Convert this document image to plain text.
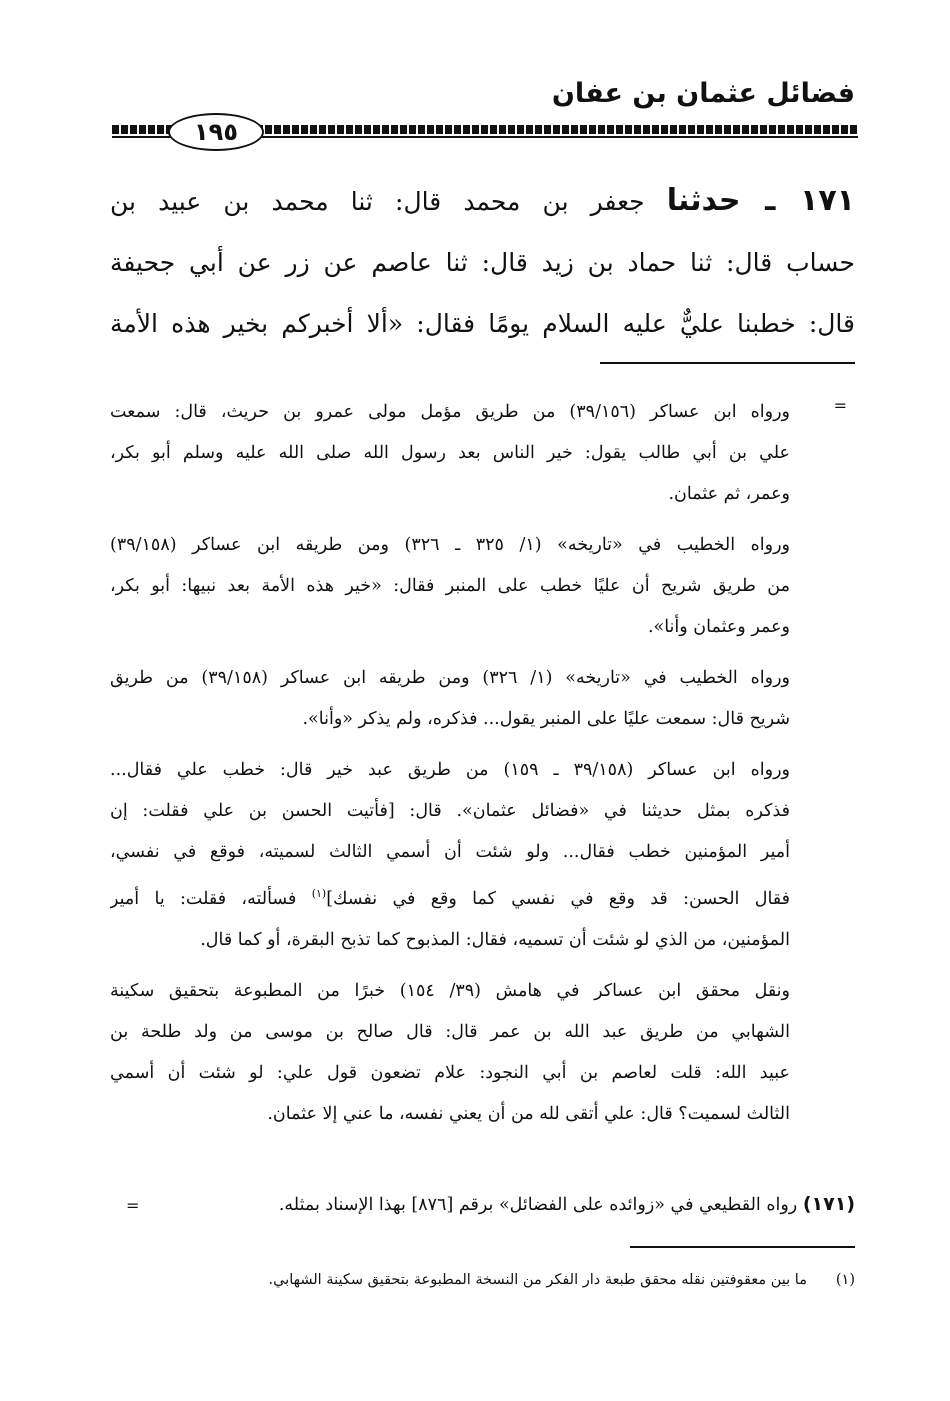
فضائل عثمان بن عفان
١٩٥
١٧١ ـ حدثنا جعفر بن محمد قال: ثنا محمد بن عبيد بن
حساب قال: ثنا حماد بن زيد قال: ثنا عاصم عن زر عن أبي جحيفة
قال: خطبنا عليٌّ عليه السلام يومًا فقال: «ألا أخبركم بخير هذه الأمة
=
ورواه ابن عساكر (٣٩/١٥٦) من طريق مؤمل مولى عمرو بن حريث، قال: سمعت
علي بن أبي طالب يقول: خير الناس بعد رسول الله صلى الله عليه وسلم أبو بكر،
وعمر، ثم عثمان.
ورواه الخطيب في «تاريخه» (١/ ٣٢٥ ـ ٣٢٦) ومن طريقه ابن عساكر (٣٩/١٥٨)
من طريق شريح أن عليًا خطب على المنبر فقال: «خير هذه الأمة بعد نبيها: أبو بكر،
وعمر وعثمان وأنا».
ورواه الخطيب في «تاريخه» (١/ ٣٢٦) ومن طريقه ابن عساكر (٣٩/١٥٨) من طريق
شريح قال: سمعت عليًا على المنبر يقول... فذكره، ولم يذكر «وأنا».
ورواه ابن عساكر (٣٩/١٥٨ ـ ١٥٩) من طريق عبد خير قال: خطب علي فقال...
فذكره بمثل حديثنا في «فضائل عثمان». قال: [فأتيت الحسن بن علي فقلت: إن
أمير المؤمنين خطب فقال... ولو شئت أن أسمي الثالث لسميته، فوقع في نفسي،
فقال الحسن: قد وقع في نفسي كما وقع في نفسك]$^{(١)}$ فسألته، فقلت: يا أمير
المؤمنين، من الذي لو شئت أن تسميه، فقال: المذبوح كما تذبح البقرة، أو كما قال.
ونقل محقق ابن عساكر في هامش (٣٩/ ١٥٤) خبرًا من المطبوعة بتحقيق سكينة
الشهابي من طريق عبد الله بن عمر قال: قال صالح بن موسى من ولد طلحة بن
عبيد الله: قلت لعاصم بن أبي النجود: علام تضعون قول علي: لو شئت أن أسمي
الثالث لسميت؟ قال: علي أتقى لله من أن يعني نفسه، ما عني إلا عثمان.
(١٧١) رواه القطيعي في «زوائده على الفضائل» برقم [٨٧٦] بهذا الإسناد بمثله.
=
(١)ما بين معقوفتين نقله محقق طبعة دار الفكر من النسخة المطبوعة بتحقيق سكينة الشهابي.
